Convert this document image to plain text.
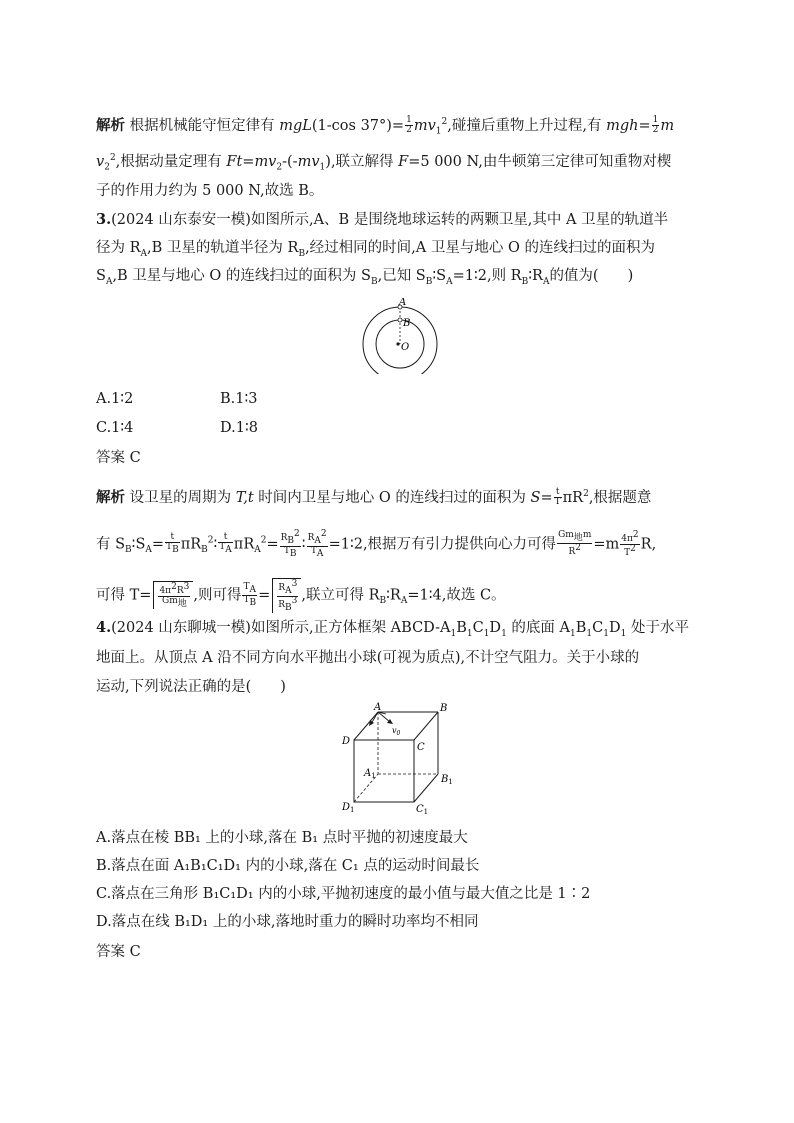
解析 根据机械能守恒定律有 mgL(1-cos $37^\circ)= \frac{1}{2} mv_1^2$,碰撞后重物上升过程,有 $mgh= \frac{1}{2}$ m
$v_2^2$,根据动量定理有 $Ft=mv_2-(-mv_1)$,联立解得 F=5 000 N,由牛顿第三定律可知重物对楔
子的作用力约为 5 000 N,故选 B。
3.(2024 山东泰安一模)如图所示,A、B 是围绕地球运转的两颗卫星,其中 A 卫星的轨道半
径为 $R_A,B$ 卫星的轨道半径为 $R_B$,经过相同的时间,A 卫星与地心 O 的连线扫过的面积为
$S_A,B$ 卫星与地心 O 的连线扫过的面积为 $S_B$,已知 $S_B∶S_A=1∶2$,则 $R_B∶R_A$的值为(　　)
A
B
O
A.1∶2	B.1∶3
C.1∶4	D.1∶8
答案 C
解析 设卫星的周期为 T,t 时间内卫星与地心 O 的连线扫过的面积为 $S= \frac{t}{T} \pi R^2$,根据题意
有 $S_B∶S_A= \frac{t}{T_B}$ $\pi R_B^2∶ \frac{t}{T_A} \pi R_A^2= \frac{R_B^2}{T_B}$ ∶ $\frac{R_A^2}{T_A}$ =1∶2,根据万有引力提供向心力可得 $\frac{Gm_地m}{R^2} =m \frac{4\pi^2}{T^2} R$,
可得 $T= \frac{4\pi^2R^3}{Gm_地}$ ,则可得 $\frac{T_A}{T_B} = \frac{R_A^3}{R_B^3}$ ,联立可得 $R_B∶R_A=1∶4$,故选 C。
4.(2024 山东聊城一模)如图所示,正方体框架 ABCD-$A_1B_1C_1D_1$ 的底面 $A_1B_1C_1D_1$ 处于水平
地面上。从顶点 A 沿不同方向水平抛出小球(可视为质点),不计空气阻力。关于小球的
运动,下列说法正确的是(　　)
$v_0$
A	B
D
C
$A_1$	$B_1$
$D_1$	$C_1$
A.落点在棱 BB₁ 上的小球,落在 B₁ 点时平抛的初速度最大
B.落点在面 A₁B₁C₁D₁ 内的小球,落在 C₁ 点的运动时间最长
C.落点在三角形 B₁C₁D₁ 内的小球,平抛初速度的最小值与最大值之比是 1∶2
D.落点在线 B₁D₁ 上的小球,落地时重力的瞬时功率均不相同
答案 C
